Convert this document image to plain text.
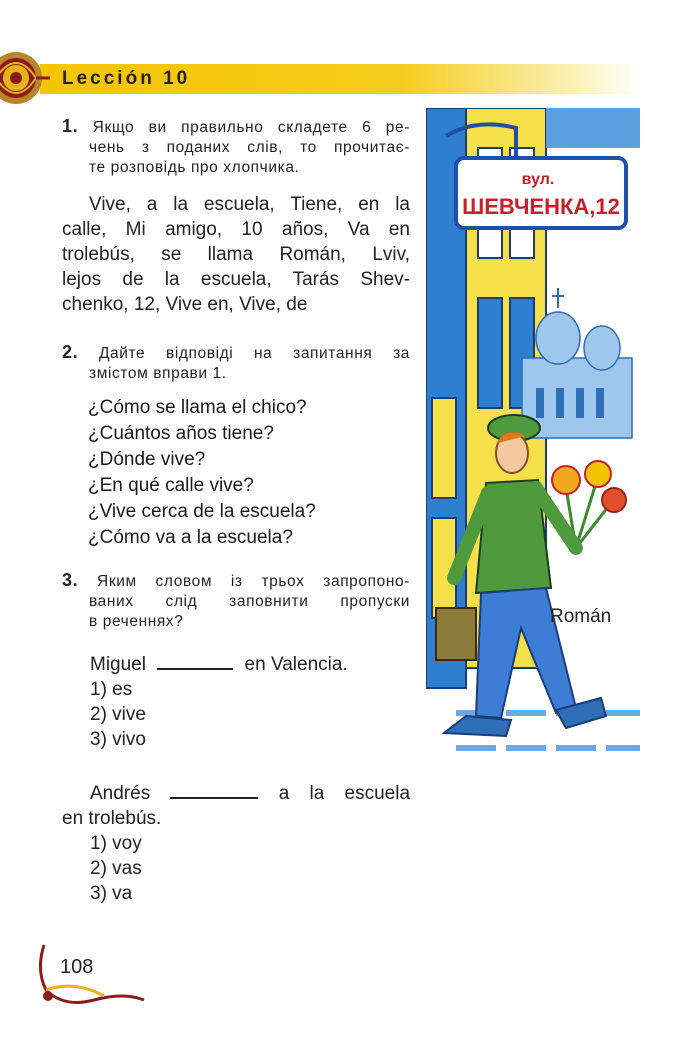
Lección 10
1. Якщо ви правильно складете 6 ре-
чень з поданих слів, то прочитає-
те розповідь про хлопчика.
Vive, a la escuela, Tiene, en la
calle, Mi amigo, 10 años, Va en
trolebús, se llama Román, Lviv,
lejos de la escuela, Tarás Shev-
chenko, 12, Vive en, Vive, de
2. Дайте відповіді на запитання за
змістом вправи 1.
¿Cómo se llama el chico?
¿Cuántos años tiene?
¿Dónde vive?
¿En qué calle vive?
¿Vive cerca de la escuela?
¿Cómo va a la escuela?
3. Яким словом із трьох запропоно-
ваних слід заповнити пропуски
в реченнях?
Miguel	en Valencia.
1) es
2) vive
3) vivo
Andrés	a la escuela
en trolebús.
1) voy
2) vas
3) va
вул.
ШЕВЧЕНКА,12
Román
108
